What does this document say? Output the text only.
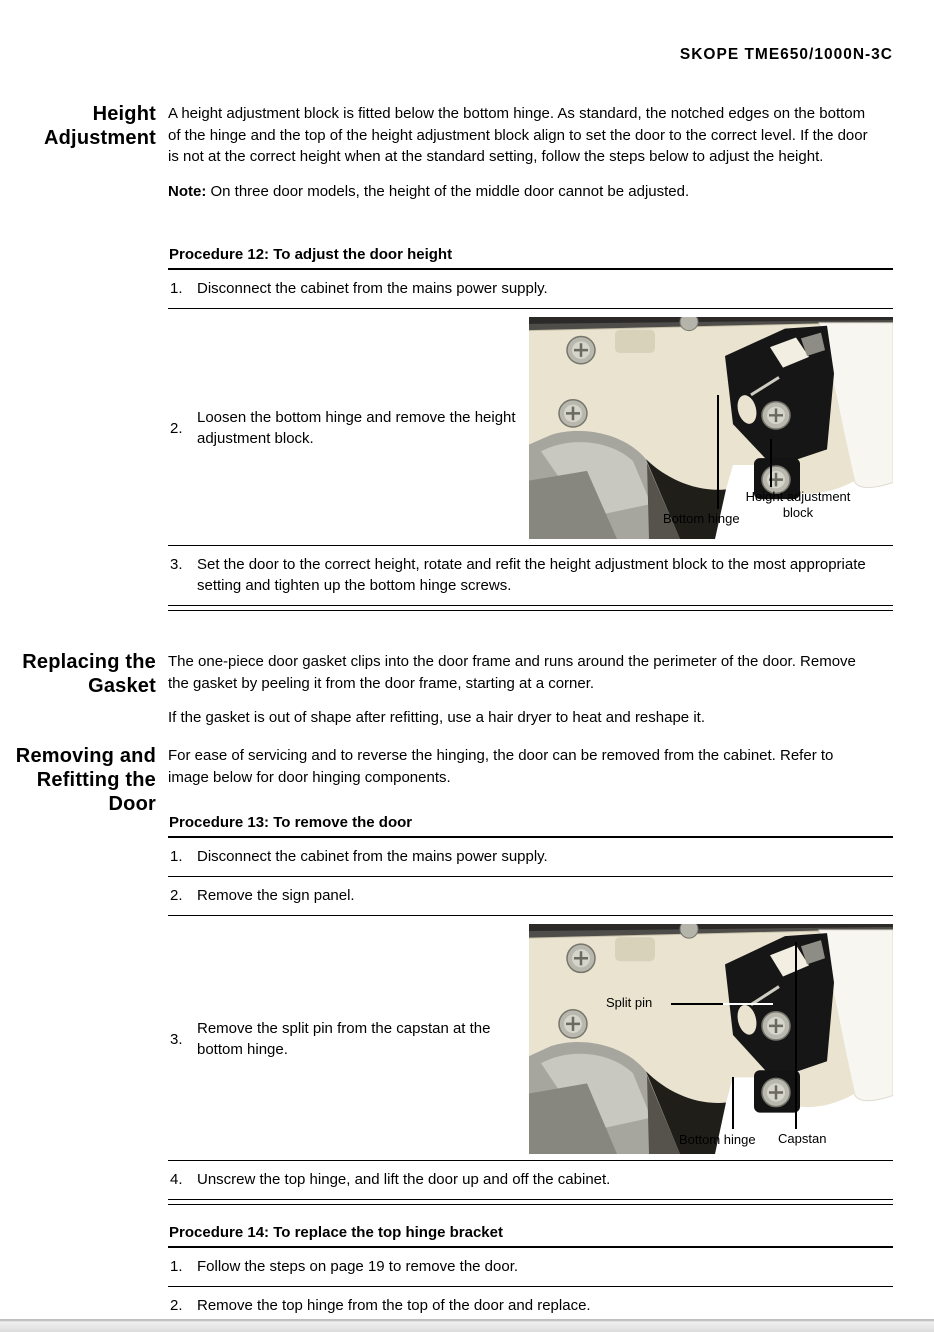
SKOPE TME650/1000N-3C
Height Adjustment

A height adjustment block is fitted below the bottom hinge. As standard, the notched edges on the bottom of the hinge and the top of the height adjustment block align to set the door to the correct level. If the door is not at the correct height when at the standard setting, follow the steps below to adjust the height.

Note: On three door models, the height of the middle door cannot be adjusted.

Procedure 12: To adjust the door height
1. Disconnect the cabinet from the mains power supply.
2.
Loosen the bottom hinge and remove the height adjustment block.
Height adjustment
block
Bottom hinge
3. Set the door to the correct height, rotate and refit the height adjustment block to the most appropriate setting and tighten up the bottom hinge screws.
Replacing the Gasket

The one-piece door gasket clips into the door frame and runs around the perimeter of the door. Remove the gasket by peeling it from the door frame, starting at a corner.

If the gasket is out of shape after refitting, use a hair dryer to heat and reshape it.

Removing and Refitting the Door

For ease of servicing and to reverse the hinging, the door can be removed from the cabinet. Refer to image below for door hinging components.

Procedure 13: To remove the door
1. Disconnect the cabinet from the mains power supply.
2. Remove the sign panel.
3.
Remove the split pin from the capstan at the bottom hinge.
Split pin
Bottom hinge Capstan
4. Unscrew the top hinge, and lift the door up and off the cabinet.
Procedure 14: To replace the top hinge bracket
1. Follow the steps on page 19 to remove the door.
2. Remove the top hinge from the top of the door and replace.
